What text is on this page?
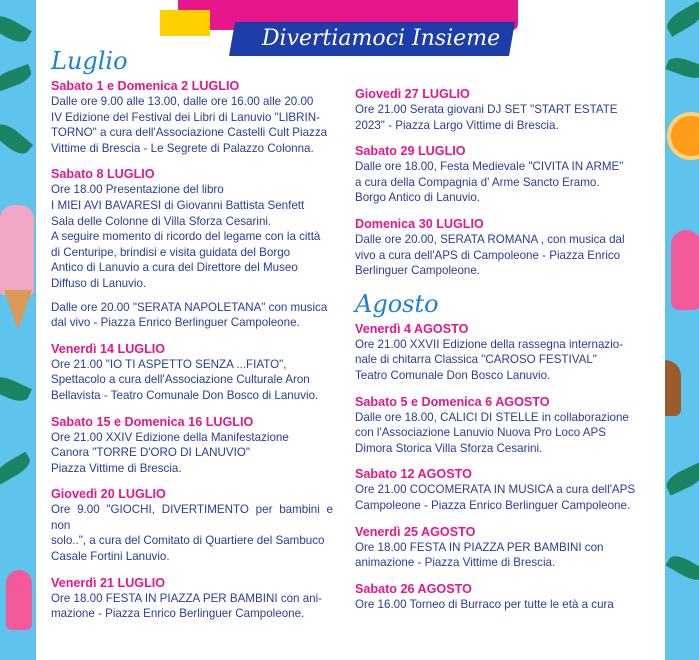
Divertiamoci Insieme
Luglio
Sabato 1 e Domenica 2 LUGLIO
Dalle ore 9.00 alle 13.00, dalle ore 16.00 alle 20.00
IV Edizione del Festival dei Libri di Lanuvio "LIBRIN-
TORNO" a cura dell'Associazione Castelli Cult Piazza
Vittime di Brescia - Le Segrete di Palazzo Colonna.
Sabato 8 LUGLIO
Ore 18.00 Presentazione del libro
I MIEI AVI BAVARESI di Giovanni Battista Senfett
Sala delle Colonne di Villa Sforza Cesarini.
A seguire momento di ricordo del legame con la città
di Centuripe, brindisi e visita guidata del Borgo
Antico di Lanuvio a cura del Direttore del Museo
Diffuso di Lanuvio.
Dalle ore 20.00 "SERATA NAPOLETANA" con musica
dal vivo - Piazza Enrico Berlinguer Campoleone.
Venerdì 14 LUGLIO
Ore 21.00 "IO TI ASPETTO SENZA ...FIATO",
Spettacolo a cura dell'Associazione Culturale Aron
Bellavista - Teatro Comunale Don Bosco di Lanuvio.
Sabato 15 e Domenica 16 LUGLIO
Ore 21.00 XXIV Edizione della Manifestazione
Canora "TORRE D'ORO DI LANUVIO"
Piazza Vittime di Brescia.
Giovedì 20 LUGLIO
Ore 9.00 "GIOCHI, DIVERTIMENTO per bambini e non
solo..", a cura del Comitato di Quartiere del Sambuco
Casale Fortini Lanuvio.
Venerdì 21 LUGLIO
Ore 18.00 FESTA IN PIAZZA PER BAMBINI con ani-
mazione - Piazza Enrico Berlinguer Campoleone.
Giovedì 27 LUGLIO
Ore 21.00 Serata giovani DJ SET "START ESTATE
2023" - Piazza Largo Vittime di Brescia.
Sabato 29 LUGLIO
Dalle ore 18.00, Festa Medievale "CIVITA IN ARME"
a cura della Compagnia d' Arme Sancto Eramo.
Borgo Antico di Lanuvio.
Domenica 30 LUGLIO
Dalle ore 20.00, SERATA ROMANA , con musica dal
vivo a cura dell'APS di Campoleone - Piazza Enrico
Berlinguer Campoleone.
Agosto
Venerdì 4 AGOSTO
Ore 21.00 XXVII Edizione della rassegna internazio-
nale di chitarra Classica "CAROSO FESTIVAL"
Teatro Comunale Don Bosco Lanuvio.
Sabato 5 e Domenica 6 AGOSTO
Dalle ore 18.00, CALICI DI STELLE in collaborazione
con l'Associazione Lanuvio Nuova Pro Loco APS
Dimora Storica Villa Sforza Cesarini.
Sabato 12 AGOSTO
Ore 21.00 COCOMERATA IN MUSICA a cura dell'APS
Campoleone - Piazza Enrico Berlinguer Campoleone.
Venerdì 25 AGOSTO
Ore 18.00 FESTA IN PIAZZA PER BAMBINI con
animazione - Piazza Vittime di Brescia.
Sabato 26 AGOSTO
Ore 16.00 Torneo di Burraco per tutte le età a cura
